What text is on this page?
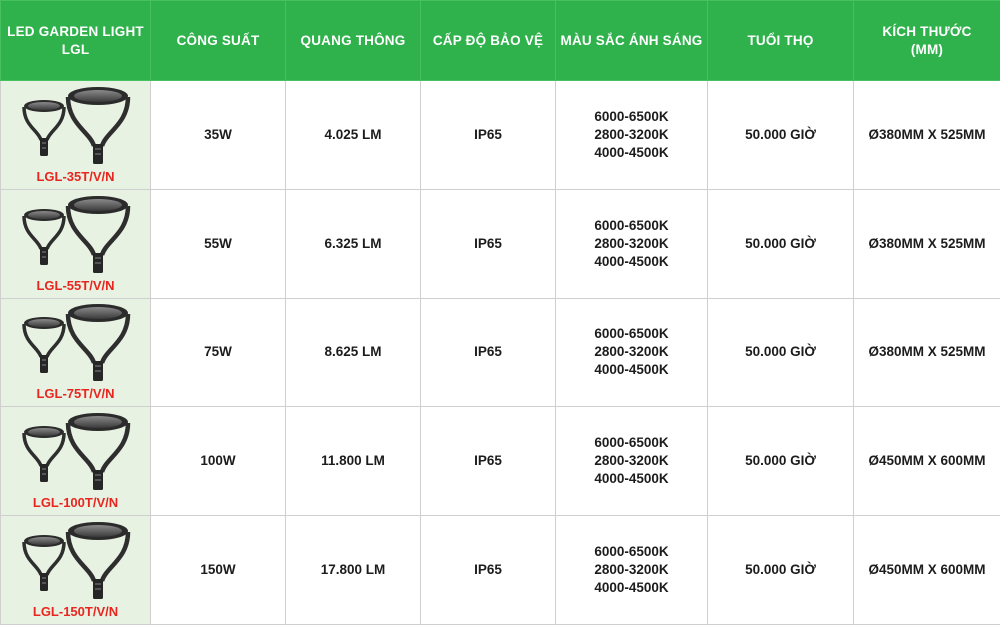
LED GARDEN LIGHT
LGL	CÔNG SUẤT	QUANG THÔNG	CẤP ĐỘ BẢO VỆ	MÀU SẮC ÁNH SÁNG	TUỔI THỌ	KÍCH THƯỚC
(MM)

LGL-35T/V/N	35W	4.025 LM	IP65	6000-6500K
2800-3200K
4000-4500K	50.000 GIỜ	Ø380MM X 525MM

LGL-55T/V/N	55W	6.325 LM	IP65	6000-6500K
2800-3200K
4000-4500K	50.000 GIỜ	Ø380MM X 525MM

LGL-75T/V/N	75W	8.625 LM	IP65	6000-6500K
2800-3200K
4000-4500K	50.000 GIỜ	Ø380MM X 525MM

LGL-100T/V/N	100W	11.800 LM	IP65	6000-6500K
2800-3200K
4000-4500K	50.000 GIỜ	Ø450MM X 600MM

LGL-150T/V/N	150W	17.800 LM	IP65	6000-6500K
2800-3200K
4000-4500K	50.000 GIỜ	Ø450MM X 600MM
